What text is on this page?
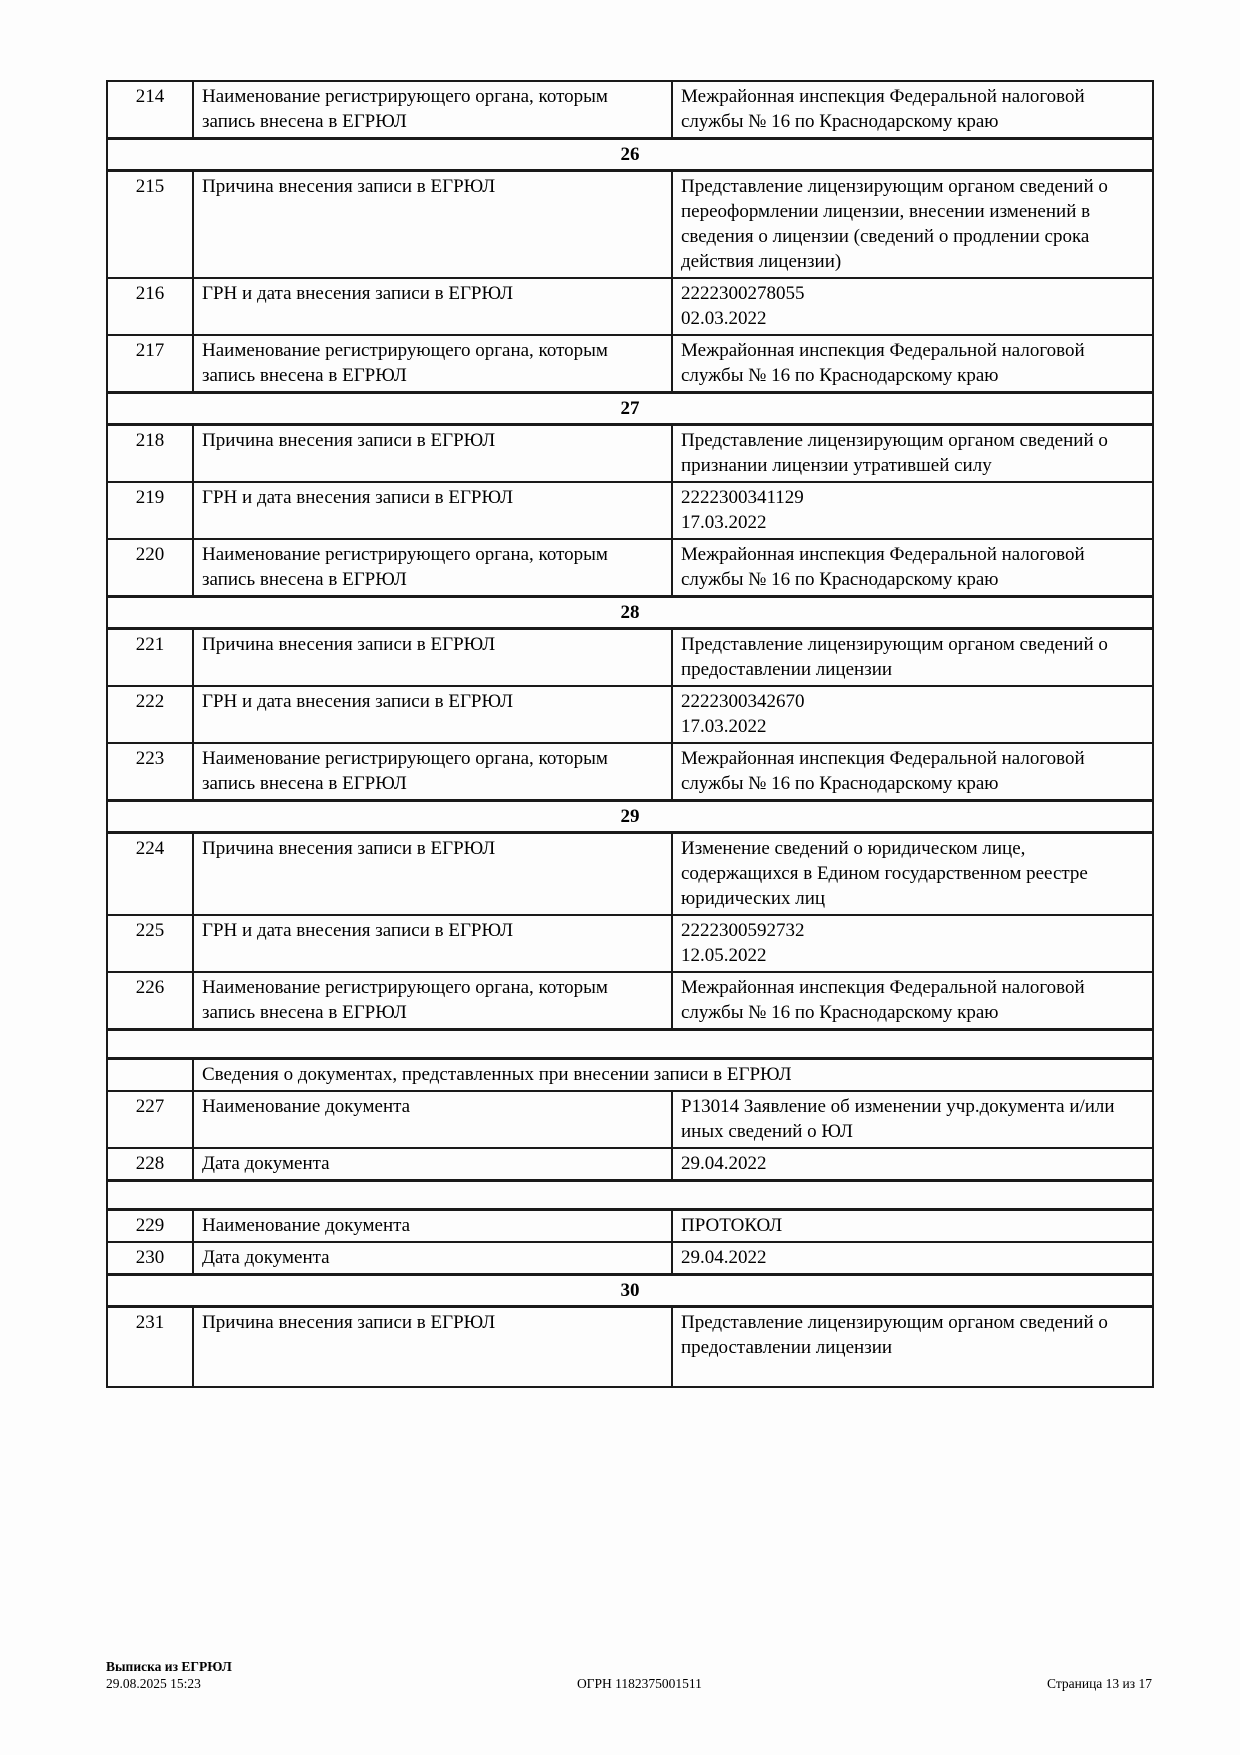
214	Наименование регистрирующего органа, которым запись внесена в ЕГРЮЛ	Межрайонная инспекция Федеральной налоговой службы № 16 по Краснодарскому краю

26		
215	Причина внесения записи в ЕГРЮЛ	Представление лицензирующим органом сведений о переоформлении лицензии, внесении изменений в сведения о лицензии (сведений о продлении срока действия лицензии)

216	ГРН и дата внесения записи в ЕГРЮЛ	2222300278055
02.03.2022

217	Наименование регистрирующего органа, которым запись внесена в ЕГРЮЛ	Межрайонная инспекция Федеральной налоговой службы № 16 по Краснодарскому краю

27		
218	Причина внесения записи в ЕГРЮЛ	Представление лицензирующим органом сведений о признании лицензии утратившей силу

219	ГРН и дата внесения записи в ЕГРЮЛ	2222300341129
17.03.2022

220	Наименование регистрирующего органа, которым запись внесена в ЕГРЮЛ	Межрайонная инспекция Федеральной налоговой службы № 16 по Краснодарскому краю

28		
221	Причина внесения записи в ЕГРЮЛ	Представление лицензирующим органом сведений о предоставлении лицензии

222	ГРН и дата внесения записи в ЕГРЮЛ	2222300342670
17.03.2022

223	Наименование регистрирующего органа, которым запись внесена в ЕГРЮЛ	Межрайонная инспекция Федеральной налоговой службы № 16 по Краснодарскому краю

29		
224	Причина внесения записи в ЕГРЮЛ	Изменение сведений о юридическом лице, содержащихся в Едином государственном реестре юридических лиц

225	ГРН и дата внесения записи в ЕГРЮЛ	2222300592732
12.05.2022

226	Наименование регистрирующего органа, которым запись внесена в ЕГРЮЛ	Межрайонная инспекция Федеральной налоговой службы № 16 по Краснодарскому краю

	Сведения о документах, представленных при внесении записи в ЕГРЮЛ	
227	Наименование документа	Р13014 Заявление об изменении учр.документа и/или иных сведений о ЮЛ

228	Дата документа	29.04.2022

229	Наименование документа	ПРОТОКОЛ

230	Дата документа	29.04.2022

30		
231	Причина внесения записи в ЕГРЮЛ	Представление лицензирующим органом сведений о предоставлении лицензии
Выписка из ЕГРЮЛ
29.08.2025 15:23	ОГРН 1182375001511	Страница 13 из 17
